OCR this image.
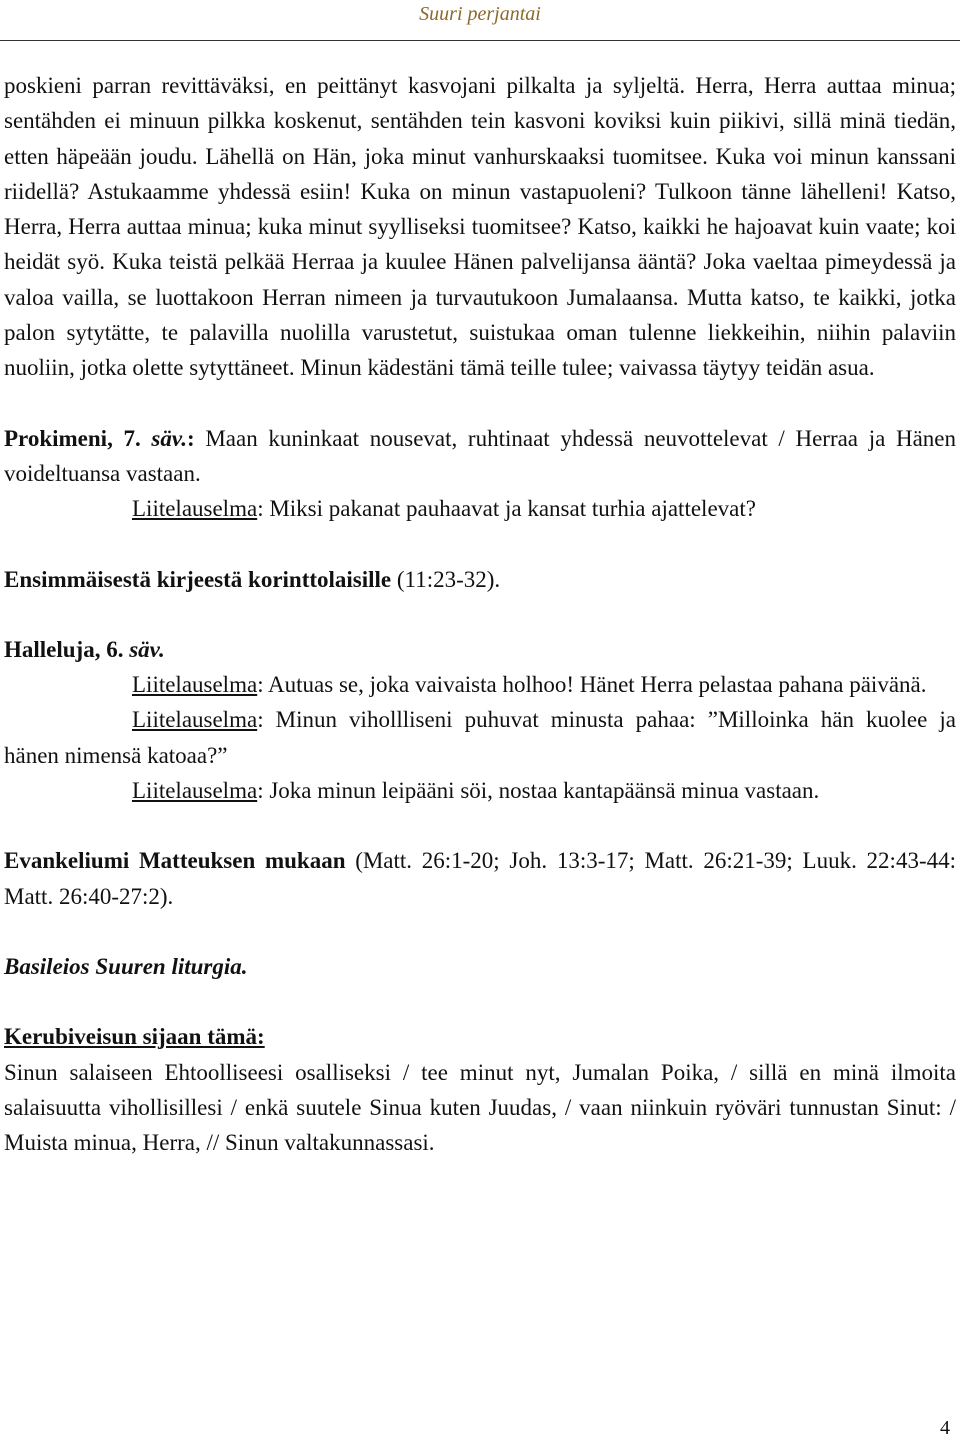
Suuri perjantai

poskieni parran revittäväksi, en peittänyt kasvojani pilkalta ja syljeltä. Herra, Herra auttaa minua; sentähden ei minuun pilkka koskenut, sentähden tein kasvoni koviksi kuin piikivi, sillä minä tiedän, etten häpeään joudu. Lähellä on Hän, joka minut vanhurskaaksi tuomitsee. Kuka voi minun kanssani riidellä? Astukaamme yhdessä esiin! Kuka on minun vastapuoleni? Tulkoon tänne lähelleni! Katso, Herra, Herra auttaa minua; kuka minut syylliseksi tuomitsee? Katso, kaikki he hajoavat kuin vaate; koi heidät syö. Kuka teistä pelkää Herraa ja kuulee Hänen palvelijansa ääntä? Joka vaeltaa pimeydessä ja valoa vailla, se luottakoon Herran nimeen ja turvautukoon Jumalaansa. Mutta katso, te kaikki, jotka palon sytytätte, te palavilla nuolilla varustetut, suistukaa oman tulenne liekkeihin, niihin palaviin nuoliin, jotka olette sytyttäneet. Minun kädestäni tämä teille tulee; vaivassa täytyy teidän asua.

Prokimeni, 7. säv.: Maan kuninkaat nousevat, ruhtinaat yhdessä neuvottelevat / Herraa ja Hänen voideltuansa vastaan.

Liitelauselma: Miksi pakanat pauhaavat ja kansat turhia ajattelevat?

Ensimmäisestä kirjeestä korinttolaisille (11:23-32).

Halleluja, 6. säv.

Liitelauselma: Autuas se, joka vaivaista holhoo! Hänet Herra pelastaa pahana päivänä.

Liitelauselma: Minun vihollliseni puhuvat minusta pahaa: ”Milloinka hän kuolee ja hänen nimensä katoaa?”

Liitelauselma: Joka minun leipääni söi, nostaa kantapäänsä minua vastaan.

Evankeliumi Matteuksen mukaan (Matt. 26:1-20; Joh. 13:3-17; Matt. 26:21-39; Luuk. 22:43-44: Matt. 26:40-27:2).

Basileios Suuren liturgia.

Kerubiveisun sijaan tämä:

Sinun salaiseen Ehtoolliseesi osalliseksi / tee minut nyt, Jumalan Poika, / sillä en minä ilmoita salaisuutta vihollisillesi / enkä suutele Sinua kuten Juudas, / vaan niinkuin ryöväri tunnustan Sinut: / Muista minua, Herra, // Sinun valtakunnassasi.

4
